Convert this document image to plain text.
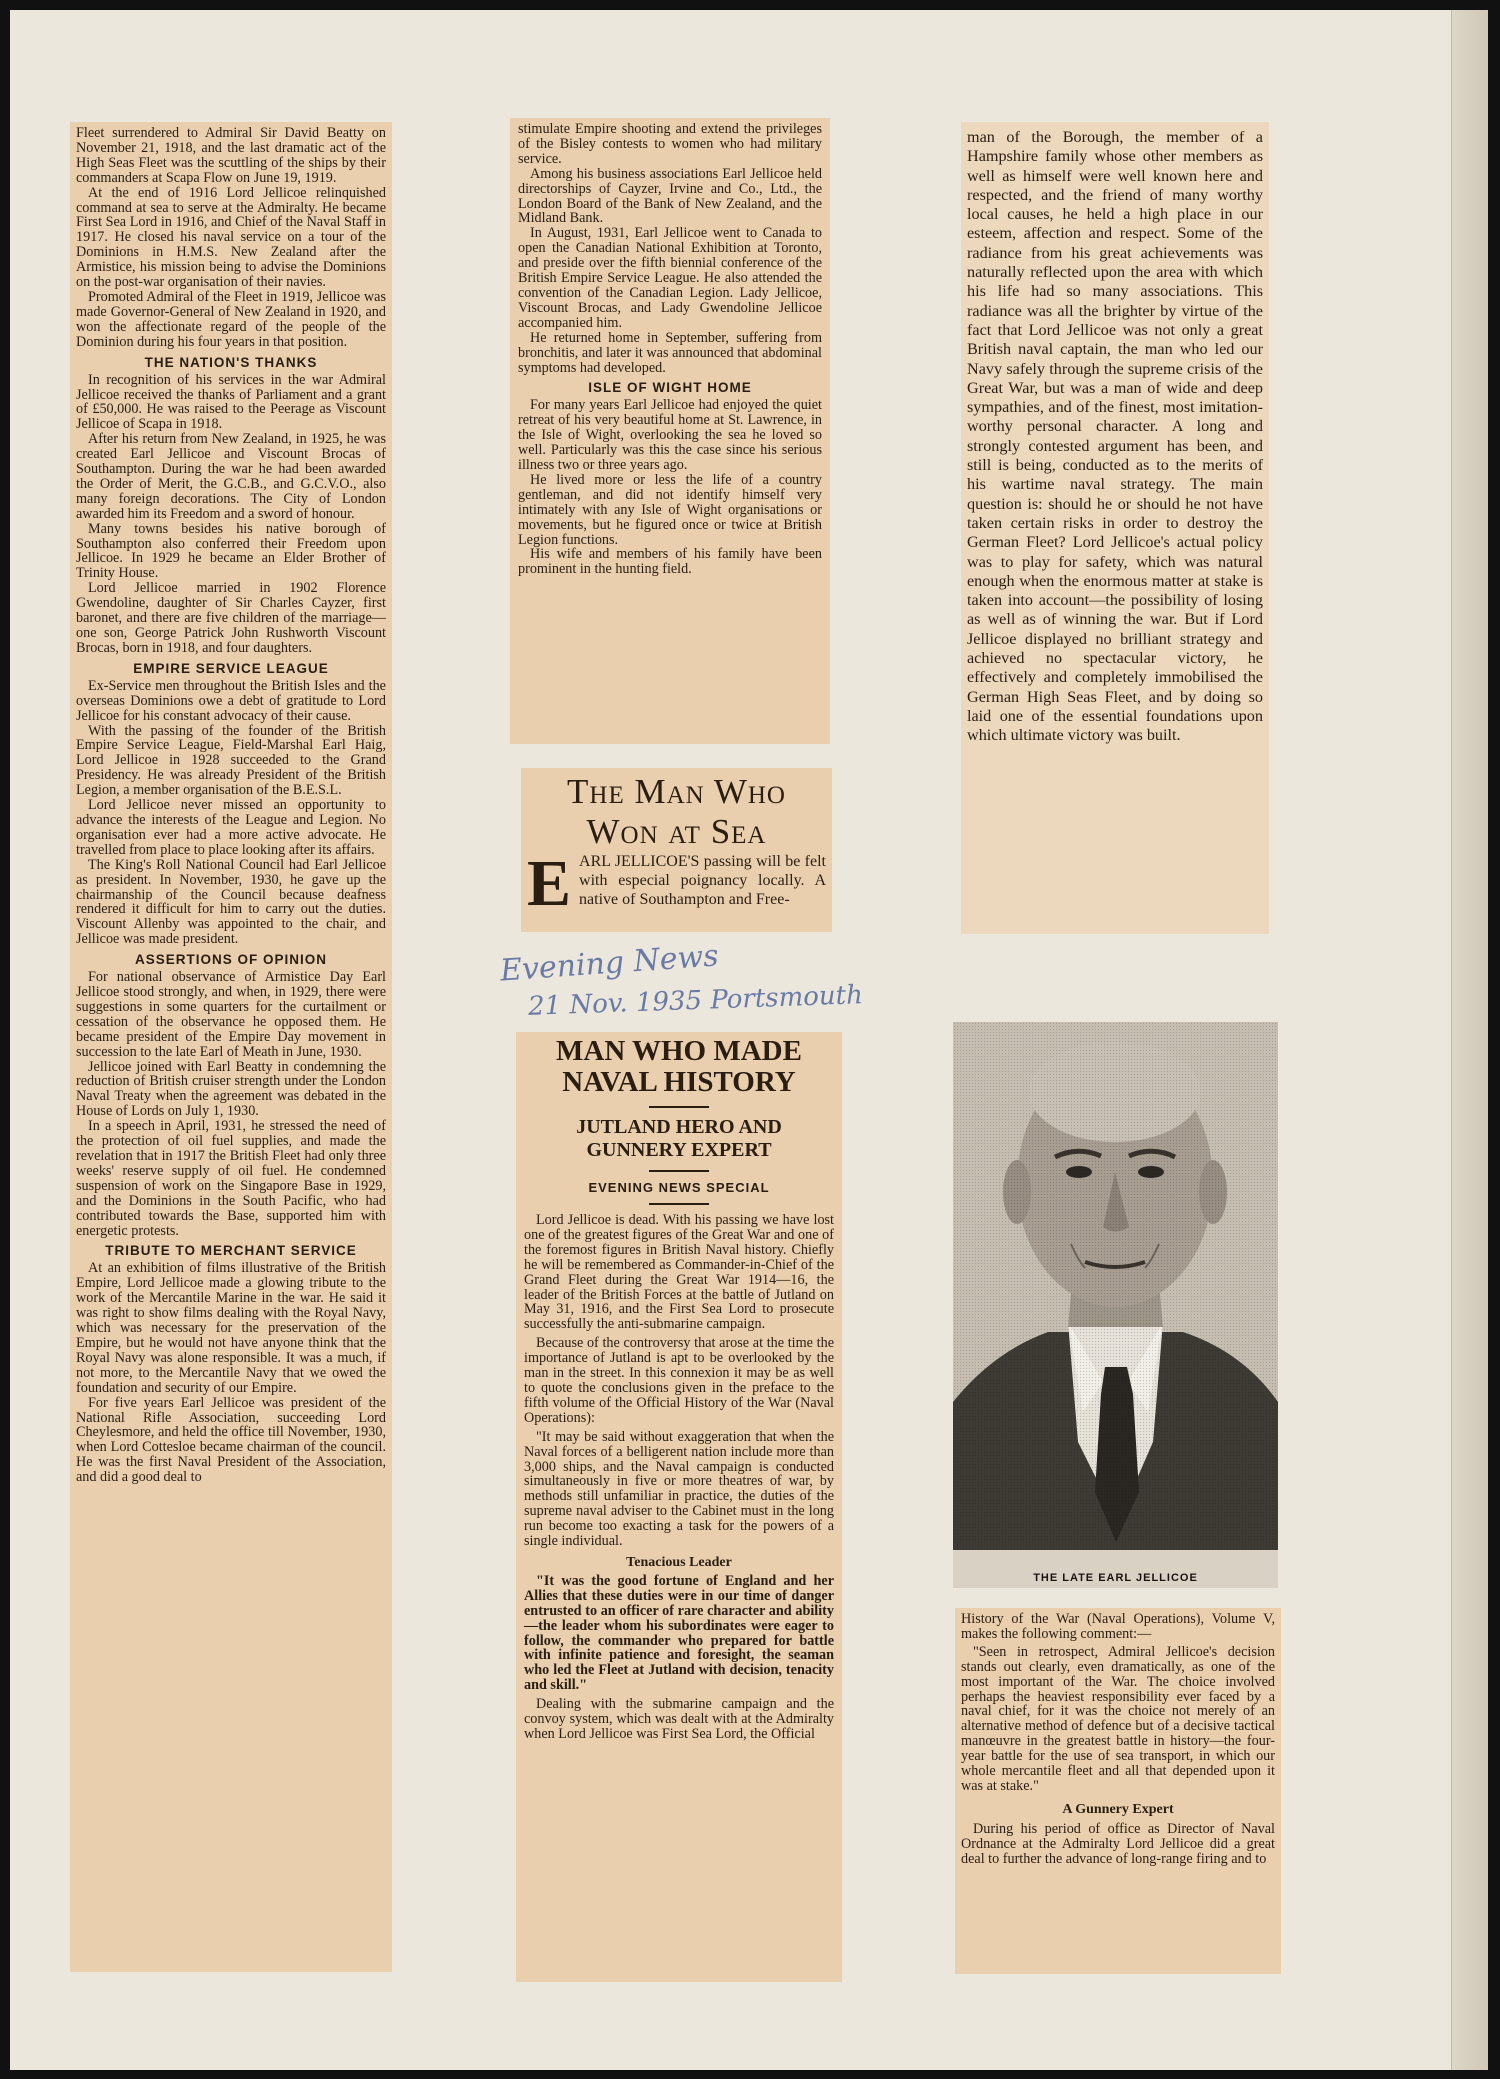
Fleet surrendered to Admiral Sir David Beatty on November 21, 1918, and the last dramatic act of the High Seas Fleet was the scuttling of the ships by their commanders at Scapa Flow on June 19, 1919.

At the end of 1916 Lord Jellicoe relinquished command at sea to serve at the Admiralty. He became First Sea Lord in 1916, and Chief of the Naval Staff in 1917. He closed his naval service on a tour of the Dominions in H.M.S. New Zealand after the Armistice, his mission being to advise the Dominions on the post-war organisation of their navies.

Promoted Admiral of the Fleet in 1919, Jellicoe was made Governor-General of New Zealand in 1920, and won the affectionate regard of the people of the Dominion during his four years in that position.

THE NATION'S THANKS

In recognition of his services in the war Admiral Jellicoe received the thanks of Parliament and a grant of £50,000. He was raised to the Peerage as Viscount Jellicoe of Scapa in 1918.

After his return from New Zealand, in 1925, he was created Earl Jellicoe and Viscount Brocas of Southampton. During the war he had been awarded the Order of Merit, the G.C.B., and G.C.V.O., also many foreign decorations. The City of London awarded him its Freedom and a sword of honour.

Many towns besides his native borough of Southampton also conferred their Freedom upon Jellicoe. In 1929 he became an Elder Brother of Trinity House.

Lord Jellicoe married in 1902 Florence Gwendoline, daughter of Sir Charles Cayzer, first baronet, and there are five children of the marriage—one son, George Patrick John Rushworth Viscount Brocas, born in 1918, and four daughters.

EMPIRE SERVICE LEAGUE

Ex-Service men throughout the British Isles and the overseas Dominions owe a debt of gratitude to Lord Jellicoe for his constant advocacy of their cause.

With the passing of the founder of the British Empire Service League, Field-Marshal Earl Haig, Lord Jellicoe in 1928 succeeded to the Grand Presidency. He was already President of the British Legion, a member organisation of the B.E.S.L.

Lord Jellicoe never missed an opportunity to advance the interests of the League and Legion. No organisation ever had a more active advocate. He travelled from place to place looking after its affairs.

The King's Roll National Council had Earl Jellicoe as president. In November, 1930, he gave up the chairmanship of the Council because deafness rendered it difficult for him to carry out the duties. Viscount Allenby was appointed to the chair, and Jellicoe was made president.

ASSERTIONS OF OPINION

For national observance of Armistice Day Earl Jellicoe stood strongly, and when, in 1929, there were suggestions in some quarters for the curtailment or cessation of the observance he opposed them. He became president of the Empire Day movement in succession to the late Earl of Meath in June, 1930.

Jellicoe joined with Earl Beatty in condemning the reduction of British cruiser strength under the London Naval Treaty when the agreement was debated in the House of Lords on July 1, 1930.

In a speech in April, 1931, he stressed the need of the protection of oil fuel supplies, and made the revelation that in 1917 the British Fleet had only three weeks' reserve supply of oil fuel. He condemned suspension of work on the Singapore Base in 1929, and the Dominions in the South Pacific, who had contributed towards the Base, supported him with energetic protests.

TRIBUTE TO MERCHANT SERVICE

At an exhibition of films illustrative of the British Empire, Lord Jellicoe made a glowing tribute to the work of the Mercantile Marine in the war. He said it was right to show films dealing with the Royal Navy, which was necessary for the preservation of the Empire, but he would not have anyone think that the Royal Navy was alone responsible. It was a much, if not more, to the Mercantile Navy that we owed the foundation and security of our Empire.

For five years Earl Jellicoe was president of the National Rifle Association, succeeding Lord Cheylesmore, and held the office till November, 1930, when Lord Cottesloe became chairman of the council. He was the first Naval President of the Association, and did a good deal to

stimulate Empire shooting and extend the privileges of the Bisley contests to women who had military service.

Among his business associations Earl Jellicoe held directorships of Cayzer, Irvine and Co., Ltd., the London Board of the Bank of New Zealand, and the Midland Bank.

In August, 1931, Earl Jellicoe went to Canada to open the Canadian National Exhibition at Toronto, and preside over the fifth biennial conference of the British Empire Service League. He also attended the convention of the Canadian Legion. Lady Jellicoe, Viscount Brocas, and Lady Gwendoline Jellicoe accompanied him.

He returned home in September, suffering from bronchitis, and later it was announced that abdominal symptoms had developed.

ISLE OF WIGHT HOME

For many years Earl Jellicoe had enjoyed the quiet retreat of his very beautiful home at St. Lawrence, in the Isle of Wight, overlooking the sea he loved so well. Particularly was this the case since his serious illness two or three years ago.

He lived more or less the life of a country gentleman, and did not identify himself very intimately with any Isle of Wight organisations or movements, but he figured once or twice at British Legion functions.

His wife and members of his family have been prominent in the hunting field.

The Man Who
Won at Sea
E ARL JELLICOE'S passing will be felt with especial poignancy locally. A native of Southampton and Free-

man of the Borough, the member of a Hampshire family whose other members as well as himself were well known here and respected, and the friend of many worthy local causes, he held a high place in our esteem, affection and respect. Some of the radiance from his great achievements was naturally reflected upon the area with which his life had so many associations. This radiance was all the brighter by virtue of the fact that Lord Jellicoe was not only a great British naval captain, the man who led our Navy safely through the supreme crisis of the Great War, but was a man of wide and deep sympathies, and of the finest, most imitation-worthy personal character. A long and strongly contested argument has been, and still is being, conducted as to the merits of his wartime naval strategy. The main question is: should he or should he not have taken certain risks in order to destroy the German Fleet? Lord Jellicoe's actual policy was to play for safety, which was natural enough when the enormous matter at stake is taken into account—the possibility of losing as well as of winning the war. But if Lord Jellicoe displayed no brilliant strategy and achieved no spectacular victory, he effectively and completely immobilised the German High Seas Fleet, and by doing so laid one of the essential foundations upon which ultimate victory was built.

Evening News
21 Nov. 1935 Portsmouth
MAN WHO MADE NAVAL HISTORY
JUTLAND HERO AND GUNNERY EXPERT
EVENING NEWS SPECIAL

Lord Jellicoe is dead. With his passing we have lost one of the greatest figures of the Great War and one of the foremost figures in British Naval history. Chiefly he will be remembered as Commander-in-Chief of the Grand Fleet during the Great War 1914—16, the leader of the British Forces at the battle of Jutland on May 31, 1916, and the First Sea Lord to prosecute successfully the anti-submarine campaign.

Because of the controversy that arose at the time the importance of Jutland is apt to be overlooked by the man in the street. In this connexion it may be as well to quote the conclusions given in the preface to the fifth volume of the Official History of the War (Naval Operations):

"It may be said without exaggeration that when the Naval forces of a belligerent nation include more than 3,000 ships, and the Naval campaign is conducted simultaneously in five or more theatres of war, by methods still unfamiliar in practice, the duties of the supreme naval adviser to the Cabinet must in the long run become too exacting a task for the powers of a single individual.

Tenacious Leader

"It was the good fortune of England and her Allies that these duties were in our time of danger entrusted to an officer of rare character and ability—the leader whom his subordinates were eager to follow, the commander who prepared for battle with infinite patience and foresight, the seaman who led the Fleet at Jutland with decision, tenacity and skill."

Dealing with the submarine campaign and the convoy system, which was dealt with at the Admiralty when Lord Jellicoe was First Sea Lord, the Official

THE LATE EARL JELLICOE

History of the War (Naval Operations), Volume V, makes the following comment:—

"Seen in retrospect, Admiral Jellicoe's decision stands out clearly, even dramatically, as one of the most important of the War. The choice involved perhaps the heaviest responsibility ever faced by a naval chief, for it was the choice not merely of an alternative method of defence but of a decisive tactical manœuvre in the greatest battle in history—the four-year battle for the use of sea transport, in which our whole mercantile fleet and all that depended upon it was at stake."

A Gunnery Expert

During his period of office as Director of Naval Ordnance at the Admiralty Lord Jellicoe did a great deal to further the advance of long-range firing and to
